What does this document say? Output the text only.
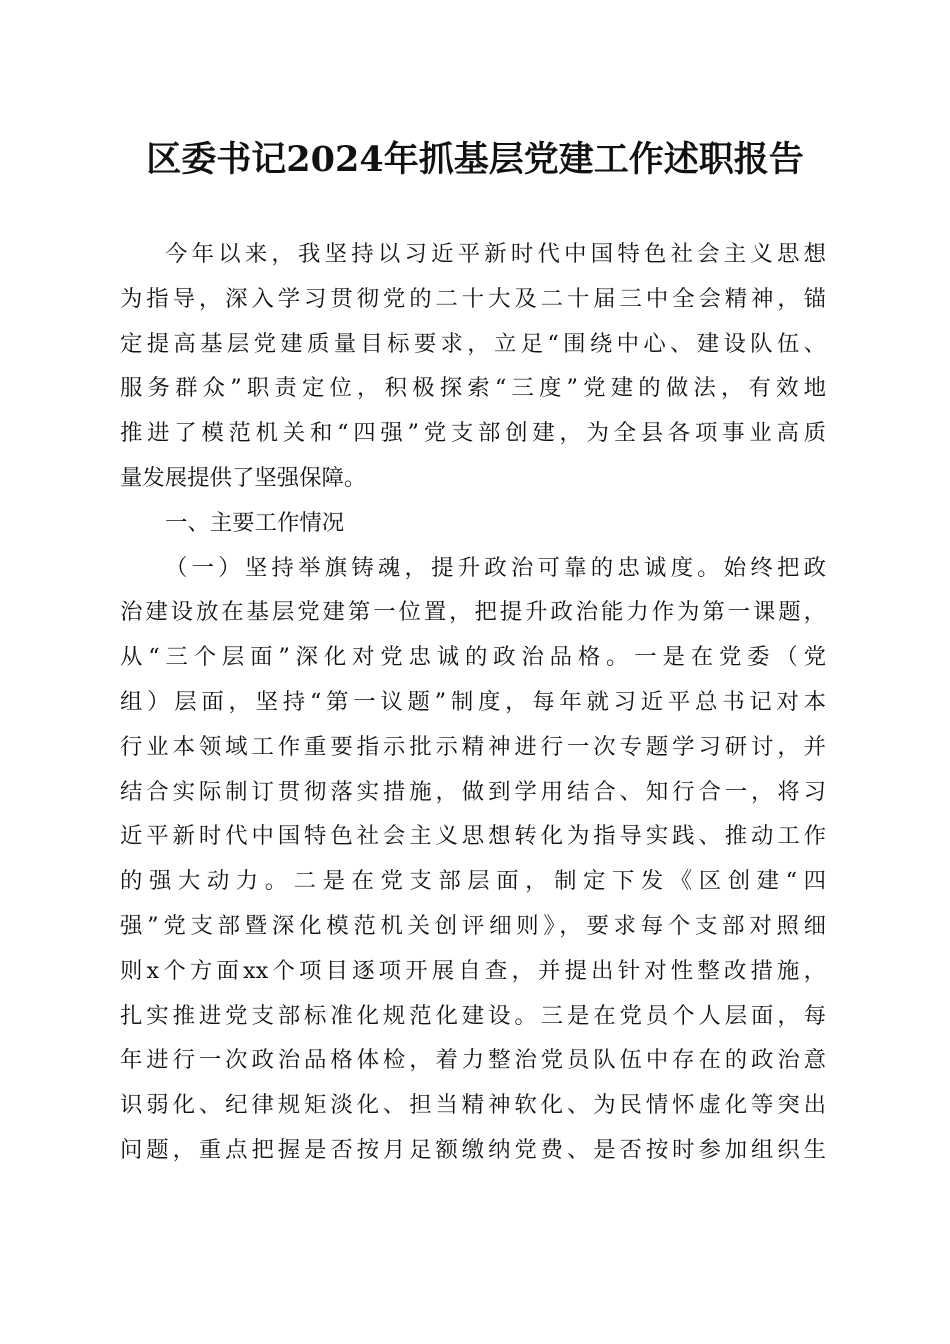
区委书记2024年抓基层党建工作述职报告
今年以来，我坚持以习近平新时代中国特色社会主义思想
为指导，深入学习贯彻党的二十大及二十届三中全会精神，锚
定提高基层党建质量目标要求，立足“围绕中心、建设队伍、
服务群众”职责定位，积极探索“三度”党建的做法，有效地
推进了模范机关和“四强”党支部创建，为全县各项事业高质
量发展提供了坚强保障。
一、主要工作情况
（一）坚持举旗铸魂，提升政治可靠的忠诚度。始终把政
治建设放在基层党建第一位置，把提升政治能力作为第一课题，
从“三个层面”深化对党忠诚的政治品格。一是在党委（党
组）层面，坚持“第一议题”制度，每年就习近平总书记对本
行业本领域工作重要指示批示精神进行一次专题学习研讨，并
结合实际制订贯彻落实措施，做到学用结合、知行合一，将习
近平新时代中国特色社会主义思想转化为指导实践、推动工作
的强大动力。二是在党支部层面，制定下发《区创建“四
强”党支部暨深化模范机关创评细则》，要求每个支部对照细
则x个方面xx个项目逐项开展自查，并提出针对性整改措施，
扎实推进党支部标准化规范化建设。三是在党员个人层面，每
年进行一次政治品格体检，着力整治党员队伍中存在的政治意
识弱化、纪律规矩淡化、担当精神软化、为民情怀虚化等突出
问题，重点把握是否按月足额缴纳党费、是否按时参加组织生
